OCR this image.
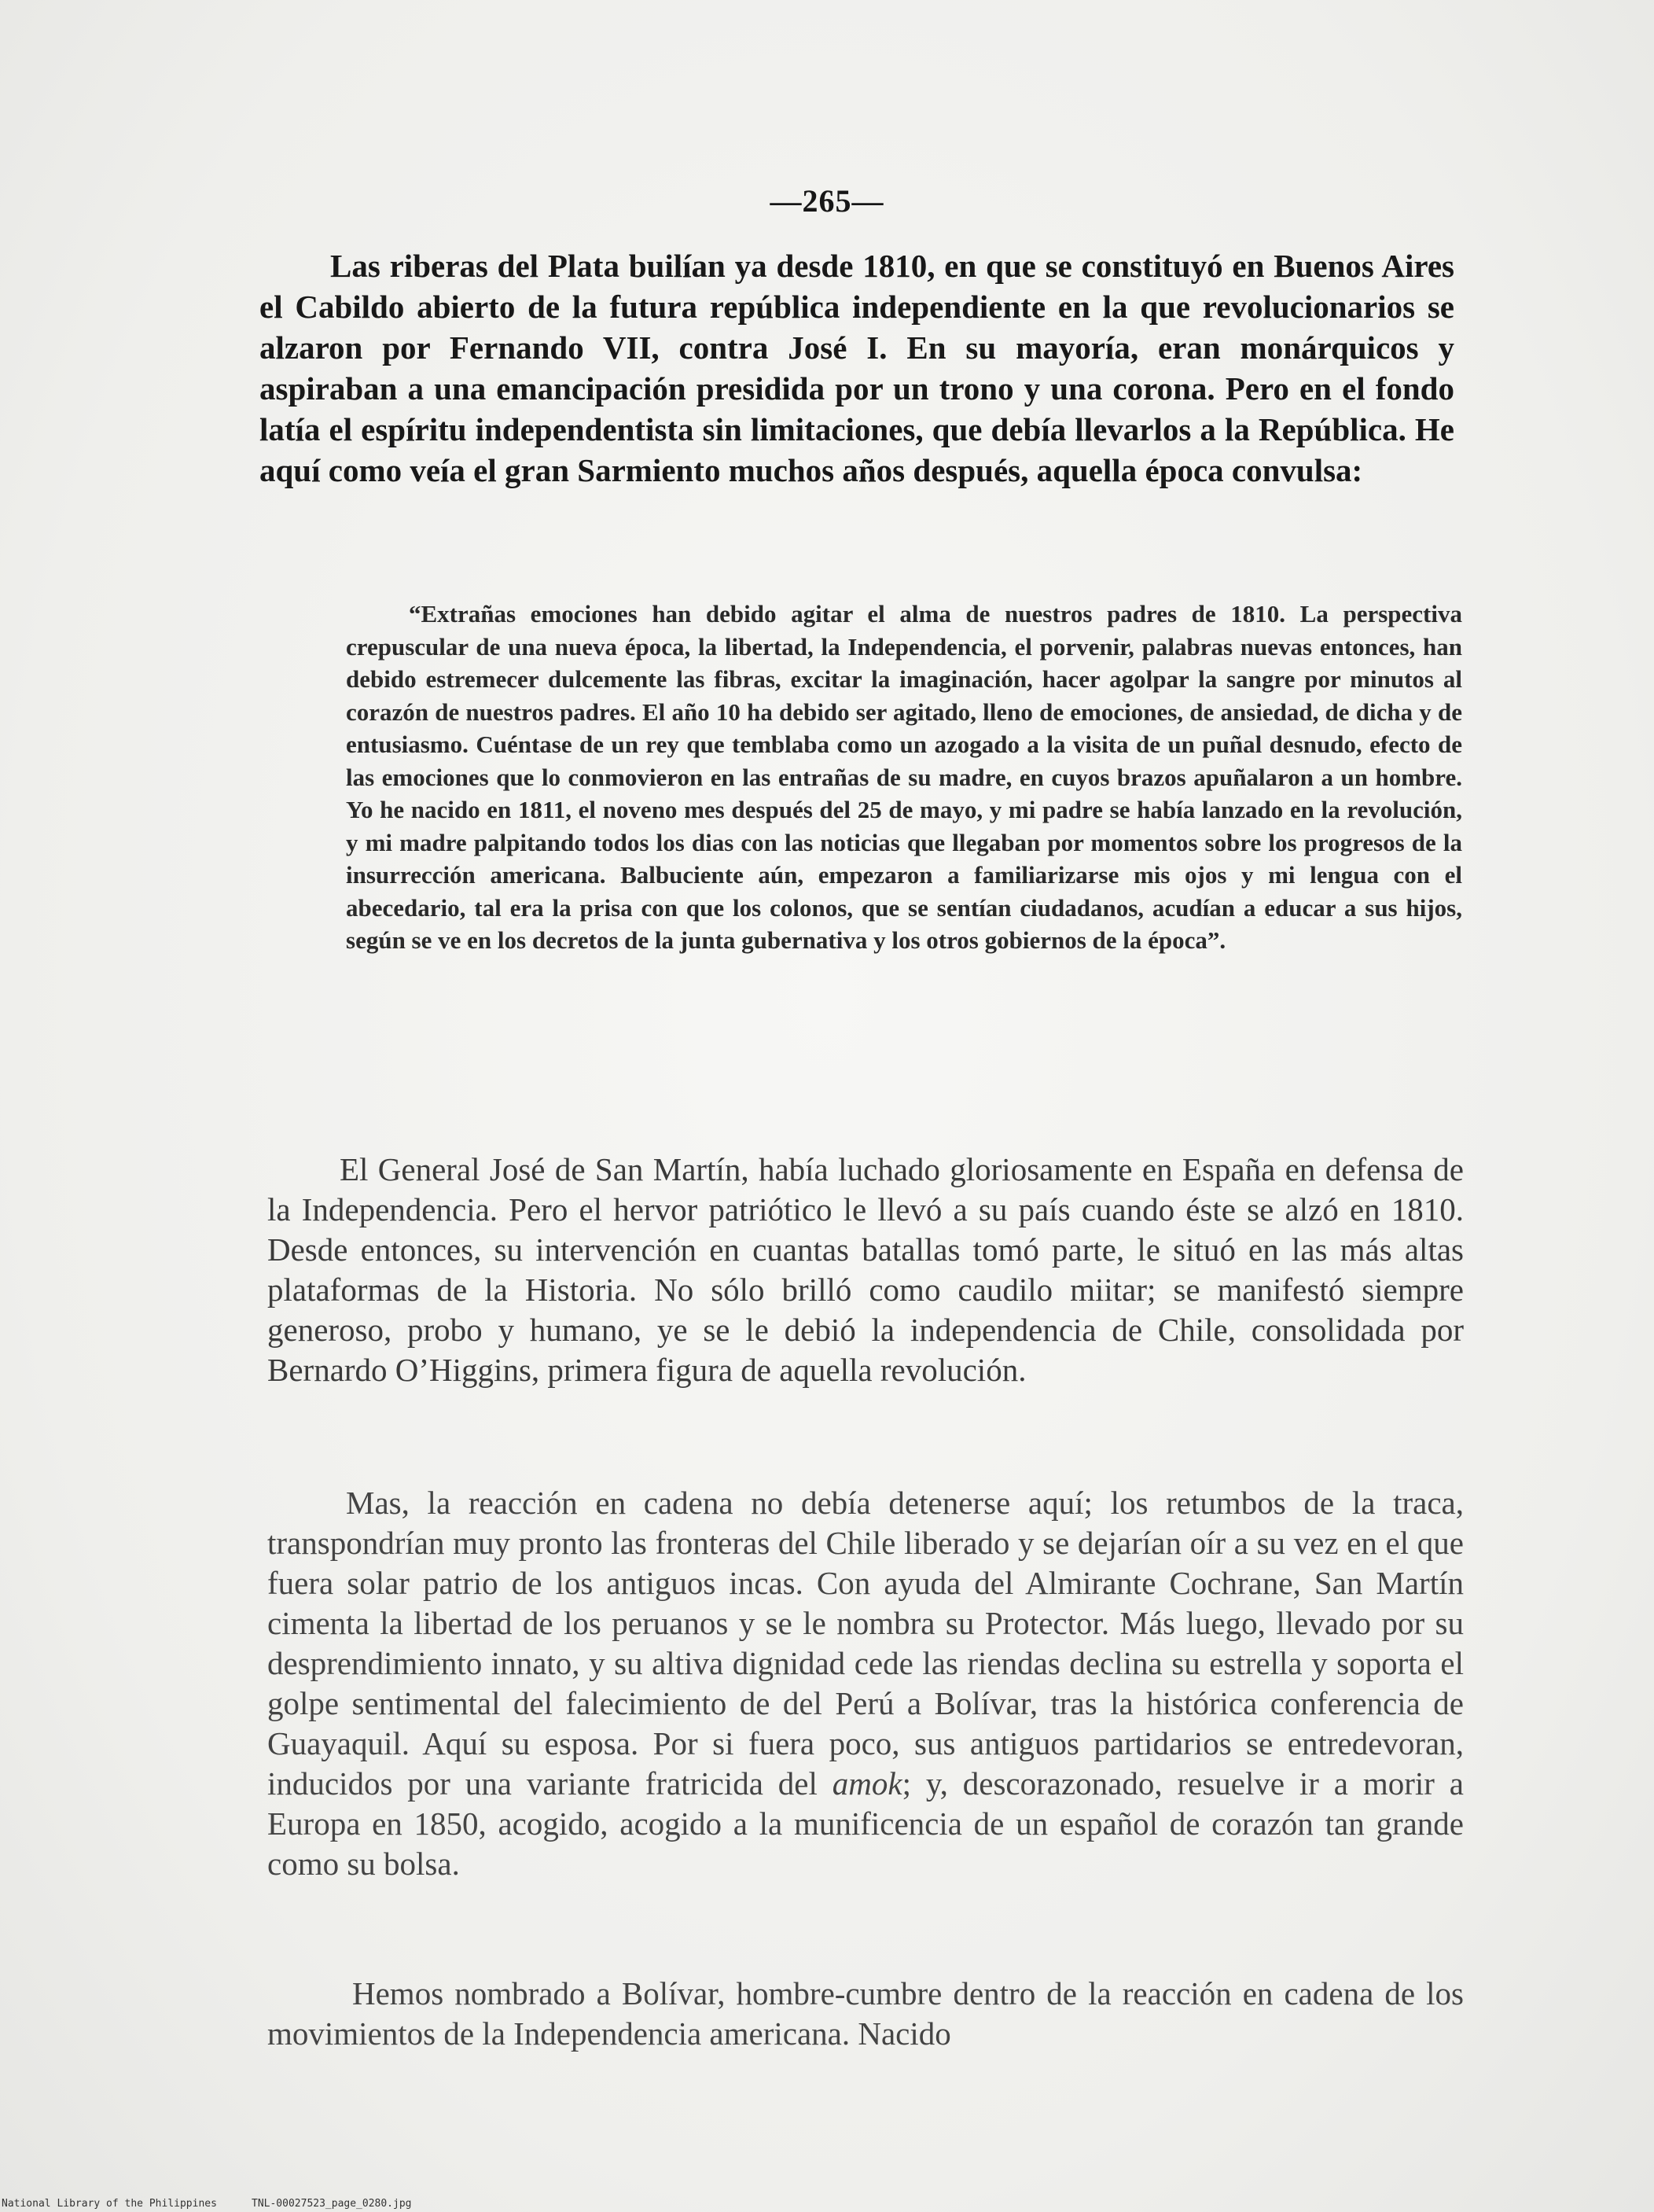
—265—

Las riberas del Plata builían ya desde 1810, en que se constituyó en Buenos Aires el Cabildo abierto de la futura república independiente en la que revolucionarios se alzaron por Fernando VII, contra José I. En su mayoría, eran monárquicos y aspiraban a una emancipación presidida por un trono y una corona. Pero en el fondo latía el espíritu independentista sin limitaciones, que debía llevarlos a la República. He aquí como veía el gran Sarmiento muchos años después, aquella época convulsa:

“Extrañas emociones han debido agitar el alma de nuestros padres de 1810. La perspectiva crepuscular de una nueva época, la libertad, la Independencia, el porvenir, palabras nuevas entonces, han debido estremecer dulcemente las fibras, excitar la imaginación, hacer agolpar la sangre por minutos al corazón de nuestros padres. El año 10 ha debido ser agitado, lleno de emociones, de ansiedad, de dicha y de entusiasmo. Cuéntase de un rey que temblaba como un azogado a la visita de un puñal desnudo, efecto de las emociones que lo conmovieron en las entrañas de su madre, en cuyos brazos apuñalaron a un hombre. Yo he nacido en 1811, el noveno mes después del 25 de mayo, y mi padre se había lanzado en la revolución, y mi madre palpitando todos los dias con las noticias que llegaban por momentos sobre los progresos de la insurrección americana. Balbuciente aún, empezaron a familiarizarse mis ojos y mi lengua con el abecedario, tal era la prisa con que los colonos, que se sentían ciudadanos, acudían a educar a sus hijos, según se ve en los decretos de la junta gubernativa y los otros gobiernos de la época”.

El General José de San Martín, había luchado gloriosamente en España en defensa de la Independencia. Pero el hervor patriótico le llevó a su país cuando éste se alzó en 1810. Desde entonces, su intervención en cuantas batallas tomó parte, le situó en las más altas plataformas de la Historia. No sólo brilló como caudilo miitar; se manifestó siempre generoso, probo y humano, ye se le debió la independencia de Chile, consolidada por Bernardo O’Higgins, primera figura de aquella revolución.

Mas, la reacción en cadena no debía detenerse aquí; los retumbos de la traca, transpondrían muy pronto las fronteras del Chile liberado y se dejarían oír a su vez en el que fuera solar patrio de los antiguos incas. Con ayuda del Almirante Cochrane, San Martín cimenta la libertad de los peruanos y se le nombra su Protector. Más luego, llevado por su desprendimiento innato, y su altiva dignidad cede las riendas declina su estrella y soporta el golpe sentimental del falecimiento de del Perú a Bolívar, tras la histórica conferencia de Guayaquil. Aquí su esposa. Por si fuera poco, sus antiguos partidarios se entredevoran, inducidos por una variante fratricida del amok; y, descorazonado, resuelve ir a morir a Europa en 1850, acogido, acogido a la munificencia de un español de corazón tan grande como su bolsa.

Hemos nombrado a Bolívar, hombre-cumbre dentro de la reacción en cadena de los movimientos de la Independencia americana. Nacido

National Library of the Philippines	TNL-00027523_page_0280.jpg
